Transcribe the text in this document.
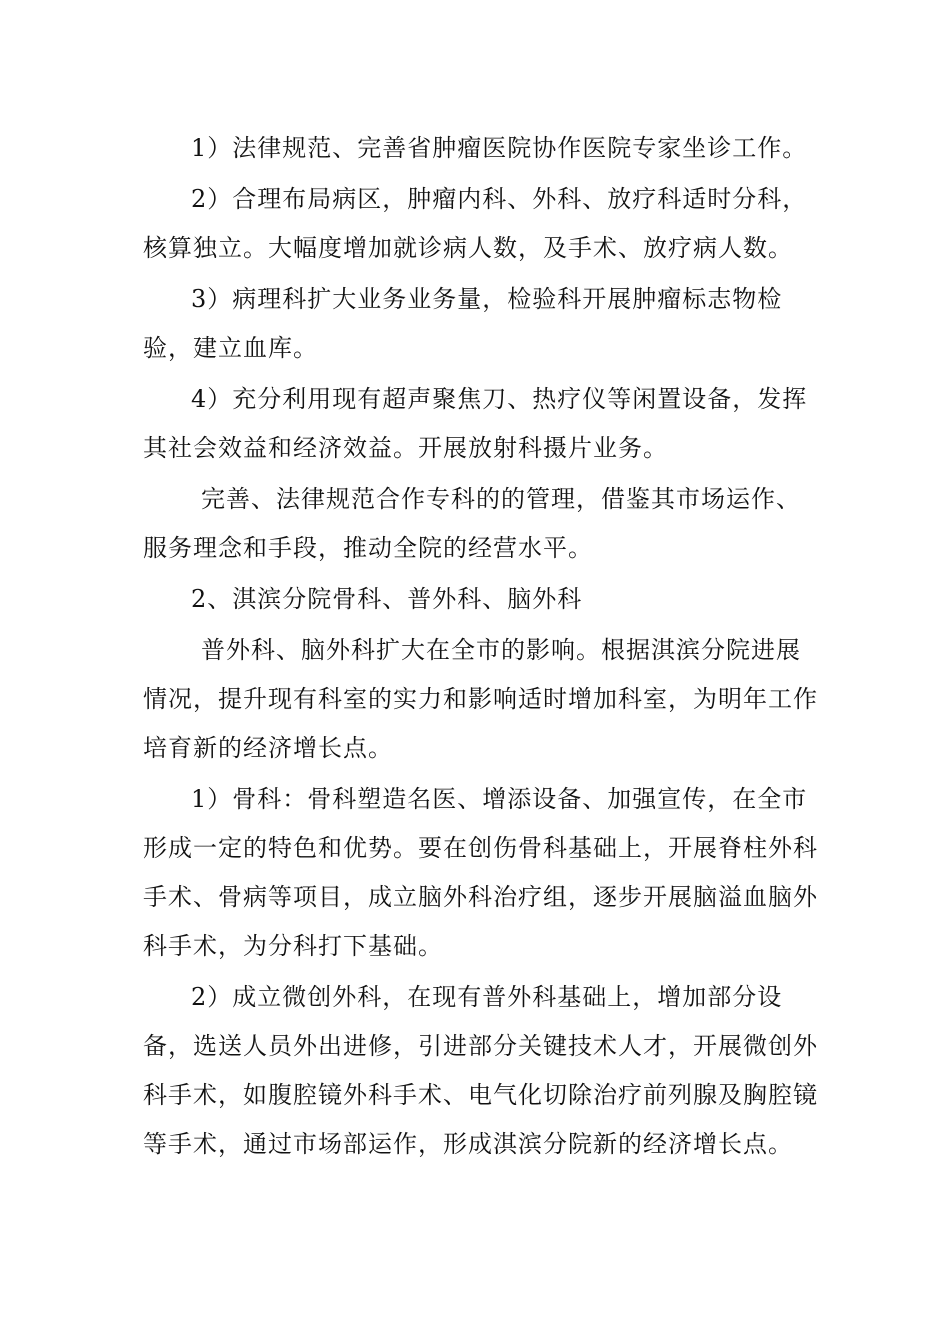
1）法律规范、完善省肿瘤医院协作医院专家坐诊工作。

2）合理布局病区，肿瘤内科、外科、放疗科适时分科，核算独立。大幅度增加就诊病人数，及手术、放疗病人数。

3）病理科扩大业务业务量，检验科开展肿瘤标志物检验，建立血库。

4）充分利用现有超声聚焦刀、热疗仪等闲置设备，发挥其社会效益和经济效益。开展放射科摄片业务。

完善、法律规范合作专科的的管理，借鉴其市场运作、服务理念和手段，推动全院的经营水平。

2、淇滨分院骨科、普外科、脑外科

普外科、脑外科扩大在全市的影响。根据淇滨分院进展情况，提升现有科室的实力和影响适时增加科室，为明年工作培育新的经济增长点。

1）骨科：骨科塑造名医、增添设备、加强宣传，在全市形成一定的特色和优势。要在创伤骨科基础上，开展脊柱外科手术、骨病等项目，成立脑外科治疗组，逐步开展脑溢血脑外科手术，为分科打下基础。

2）成立微创外科，在现有普外科基础上，增加部分设备，选送人员外出进修，引进部分关键技术人才，开展微创外科手术，如腹腔镜外科手术、电气化切除治疗前列腺及胸腔镜等手术，通过市场部运作，形成淇滨分院新的经济增长点。
